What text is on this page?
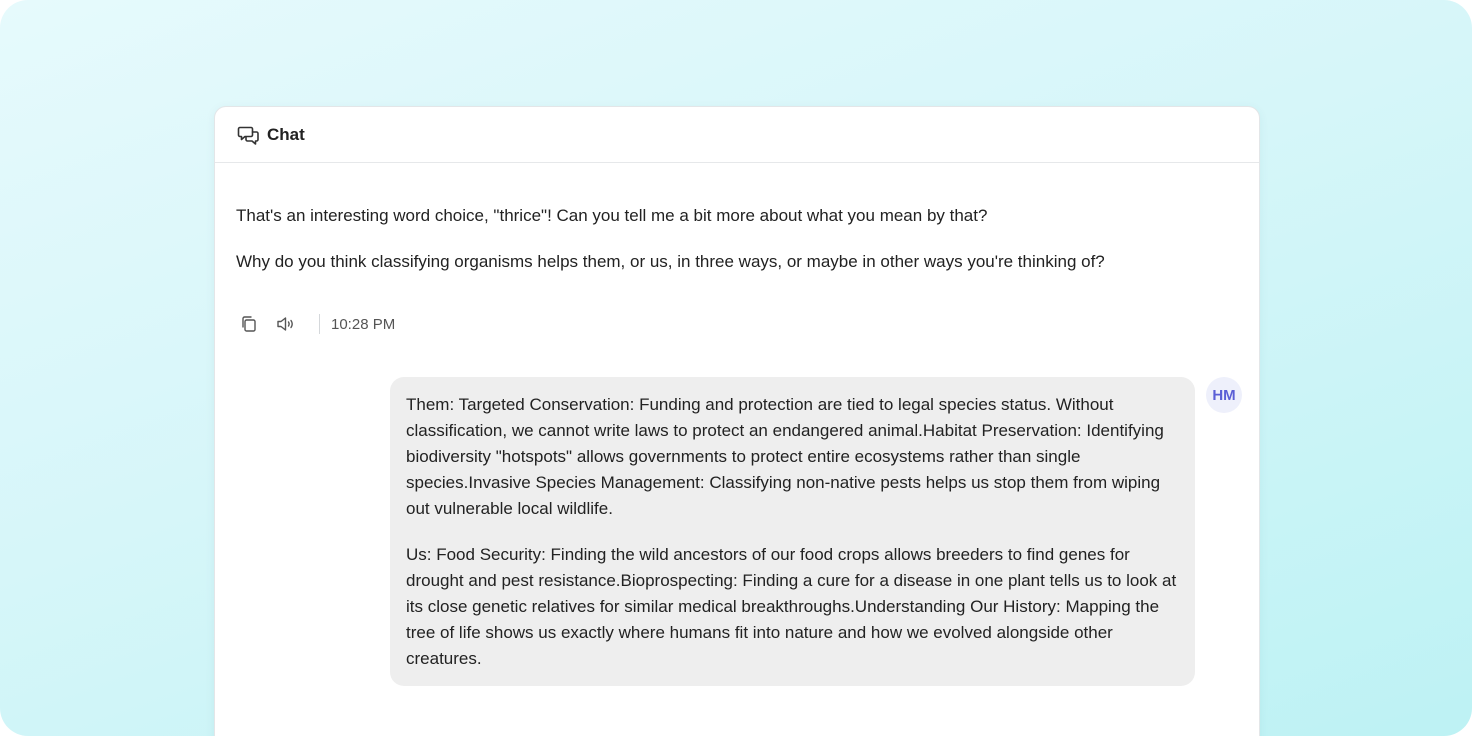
Chat

That's an interesting word choice, "thrice"! Can you tell me a bit more about what you mean by that?

Why do you think classifying organisms helps them, or us, in three ways, or maybe in other ways you're thinking of?

10:28 PM

Them: Targeted Conservation: Funding and protection are tied to legal species status. Without classification, we cannot write laws to protect an endangered animal.Habitat Preservation: Identifying biodiversity "hotspots" allows governments to protect entire ecosystems rather than single species.Invasive Species Management: Classifying non-native pests helps us stop them from wiping out vulnerable local wildlife.

Us: Food Security: Finding the wild ancestors of our food crops allows breeders to find genes for drought and pest resistance.Bioprospecting: Finding a cure for a disease in one plant tells us to look at its close genetic relatives for similar medical breakthroughs.Understanding Our History: Mapping the tree of life shows us exactly where humans fit into nature and how we evolved alongside other creatures.

HM
